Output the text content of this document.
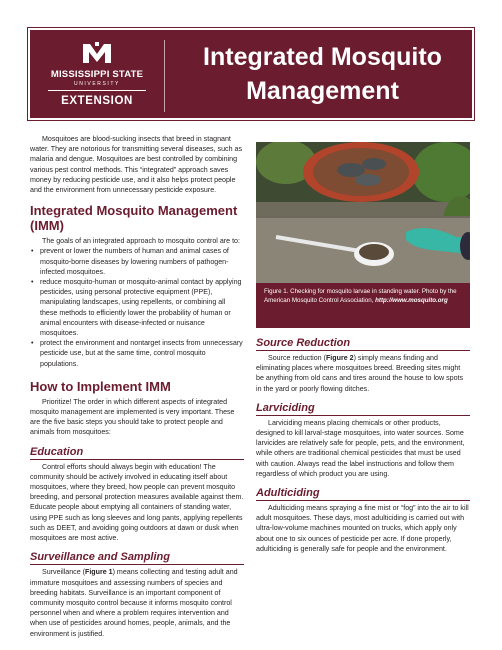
MISSISSIPPI STATE
UNIVERSITY
EXTENSION
Integrated Mosquito Management

Mosquitoes are blood-sucking insects that breed in stagnant water. They are notorious for transmitting several diseases, such as malaria and dengue. Mosquitoes are best controlled by combining various pest control methods. This “integrated” approach saves money by reducing pesticide use, and it also helps protect people and the environment from unnecessary pesticide exposure.

Integrated Mosquito Management (IMM)

The goals of an integrated approach to mosquito control are to:

• prevent or lower the numbers of human and animal cases of mosquito-borne diseases by lowering numbers of pathogen-infected mosquitoes.
• reduce mosquito-human or mosquito-animal contact by applying pesticides, using personal protective equipment (PPE), manipulating landscapes, using repellents, or combining all these methods to efficiently lower the probability of human or animal encounters with disease-infected or nuisance mosquitoes.
• protect the environment and nontarget insects from unnecessary pesticide use, but at the same time, control mosquito populations.
How to Implement IMM

Prioritize! The order in which different aspects of integrated mosquito management are implemented is very important. These are the five basic steps you should take to protect people and animals from mosquitoes:

Education

Control efforts should always begin with education! The community should be actively involved in educating itself about mosquitoes, where they breed, how people can prevent mosquito breeding, and personal protection measures available against them. Educate people about emptying all containers of standing water, using PPE such as long sleeves and long pants, applying repellents such as DEET, and avoiding going outdoors at dawn or dusk when mosquitoes are most active.

Surveillance and Sampling

Surveillance (Figure 1) means collecting and testing adult and immature mosquitoes and assessing numbers of species and breeding habitats. Surveillance is an important component of community mosquito control because it informs mosquito control personnel when and where a problem requires intervention and when use of pesticides around homes, people, animals, and the environment is justified.

Figure 1. Checking for mosquito larvae in standing water. Photo by the American Mosquito Control Association, http://www.mosquito.org
Source Reduction

Source reduction (Figure 2) simply means finding and eliminating places where mosquitoes breed. Breeding sites might be anything from old cans and tires around the house to low spots in the yard or poorly flowing ditches.

Larviciding

Larviciding means placing chemicals or other products, designed to kill larval-stage mosquitoes, into water sources. Some larvicides are relatively safe for people, pets, and the environment, while others are traditional chemical pesticides that must be used with caution. Always read the label instructions and follow them regardless of which product you are using.

Adulticiding

Adulticiding means spraying a fine mist or “fog” into the air to kill adult mosquitoes. These days, most adulticiding is carried out with ultra-low-volume machines mounted on trucks, which apply only about one to six ounces of pesticide per acre. If done properly, adulticiding is generally safe for people and the environment.
